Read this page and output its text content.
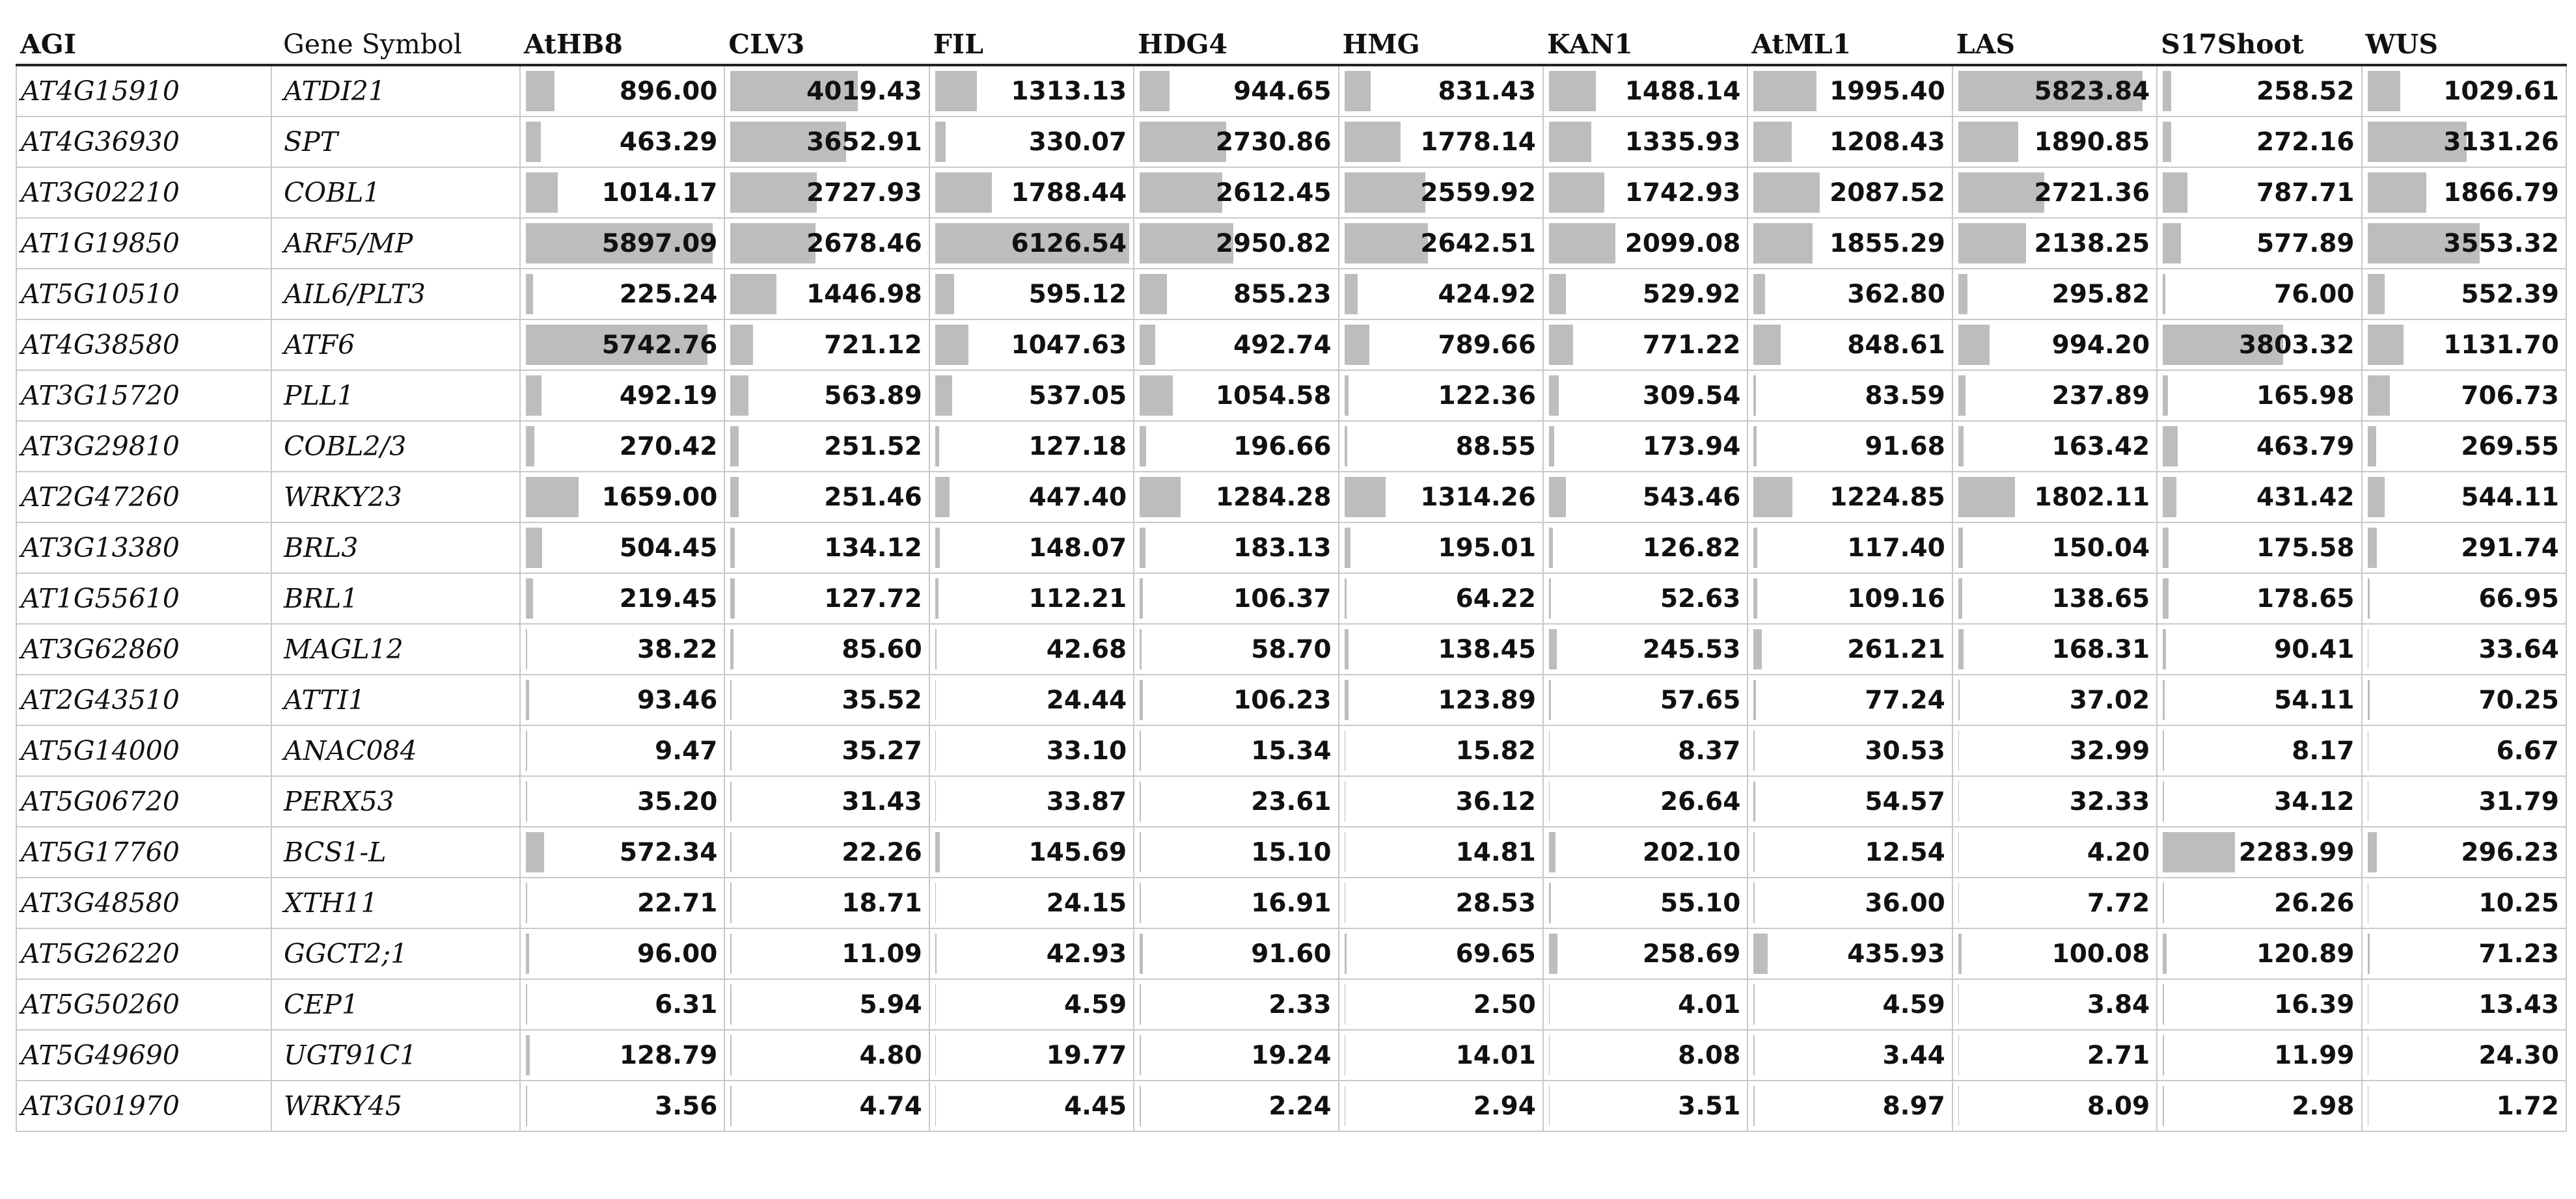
AGI	Gene Symbol	AtHB8	CLV3	FIL	HDG4	HMG	KAN1	AtML1	LAS	S17Shoot	WUS
AT4G15910	ATDI21	896.00	4019.43	1313.13	944.65	831.43	1488.14	1995.40	5823.84	258.52	1029.61

AT4G36930	SPT	463.29	3652.91	330.07	2730.86	1778.14	1335.93	1208.43	1890.85	272.16	3131.26

AT3G02210	COBL1	1014.17	2727.93	1788.44	2612.45	2559.92	1742.93	2087.52	2721.36	787.71	1866.79

AT1G19850	ARF5/MP	5897.09	2678.46	6126.54	2950.82	2642.51	2099.08	1855.29	2138.25	577.89	3553.32

AT5G10510	AIL6/PLT3	225.24	1446.98	595.12	855.23	424.92	529.92	362.80	295.82	76.00	552.39

AT4G38580	ATF6	5742.76	721.12	1047.63	492.74	789.66	771.22	848.61	994.20	3803.32	1131.70

AT3G15720	PLL1	492.19	563.89	537.05	1054.58	122.36	309.54	83.59	237.89	165.98	706.73

AT3G29810	COBL2/3	270.42	251.52	127.18	196.66	88.55	173.94	91.68	163.42	463.79	269.55

AT2G47260	WRKY23	1659.00	251.46	447.40	1284.28	1314.26	543.46	1224.85	1802.11	431.42	544.11

AT3G13380	BRL3	504.45	134.12	148.07	183.13	195.01	126.82	117.40	150.04	175.58	291.74

AT1G55610	BRL1	219.45	127.72	112.21	106.37	64.22	52.63	109.16	138.65	178.65	66.95

AT3G62860	MAGL12	38.22	85.60	42.68	58.70	138.45	245.53	261.21	168.31	90.41	33.64

AT2G43510	ATTI1	93.46	35.52	24.44	106.23	123.89	57.65	77.24	37.02	54.11	70.25

AT5G14000	ANAC084	9.47	35.27	33.10	15.34	15.82	8.37	30.53	32.99	8.17	6.67

AT5G06720	PERX53	35.20	31.43	33.87	23.61	36.12	26.64	54.57	32.33	34.12	31.79

AT5G17760	BCS1-L	572.34	22.26	145.69	15.10	14.81	202.10	12.54	4.20	2283.99	296.23

AT3G48580	XTH11	22.71	18.71	24.15	16.91	28.53	55.10	36.00	7.72	26.26	10.25

AT5G26220	GGCT2;1	96.00	11.09	42.93	91.60	69.65	258.69	435.93	100.08	120.89	71.23

AT5G50260	CEP1	6.31	5.94	4.59	2.33	2.50	4.01	4.59	3.84	16.39	13.43

AT5G49690	UGT91C1	128.79	4.80	19.77	19.24	14.01	8.08	3.44	2.71	11.99	24.30

AT3G01970	WRKY45	3.56	4.74	4.45	2.24	2.94	3.51	8.97	8.09	2.98	1.72
